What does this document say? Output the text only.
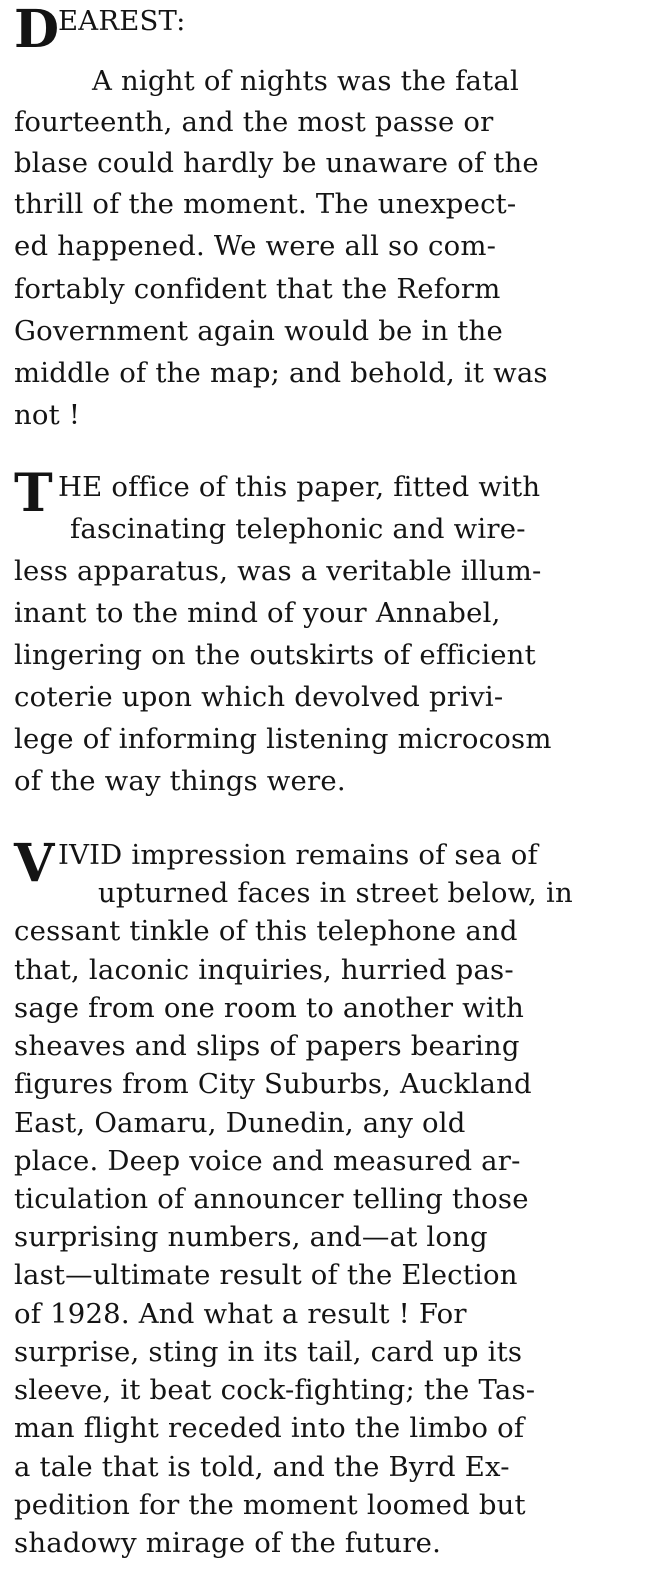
D
EAREST:
A night of nights was the fatal
fourteenth, and the most passe or
blase could hardly be unaware of the
thrill of the moment. The unexpect-
ed happened. We were all so com-
fortably confident that the Reform
Government again would be in the
middle of the map; and behold, it was
not !
T HE office of this paper, fitted with
fascinating telephonic and wire-
less apparatus, was a veritable illum-
inant to the mind of your Annabel,
lingering on the outskirts of efficient
coterie upon which devolved privi-
lege of informing listening microcosm
of the way things were.
V IVID impression remains of sea of
upturned faces in street below, in
cessant tinkle of this telephone and
that, laconic inquiries, hurried pas-
sage from one room to another with
sheaves and slips of papers bearing
figures from City Suburbs, Auckland
East, Oamaru, Dunedin, any old
place. Deep voice and measured ar-
ticulation of announcer telling those
surprising numbers, and—at long
last—ultimate result of the Election
of 1928. And what a result ! For
surprise, sting in its tail, card up its
sleeve, it beat cock-fighting; the Tas-
man flight receded into the limbo of
a tale that is told, and the Byrd Ex-
pedition for the moment loomed but
shadowy mirage of the future.
